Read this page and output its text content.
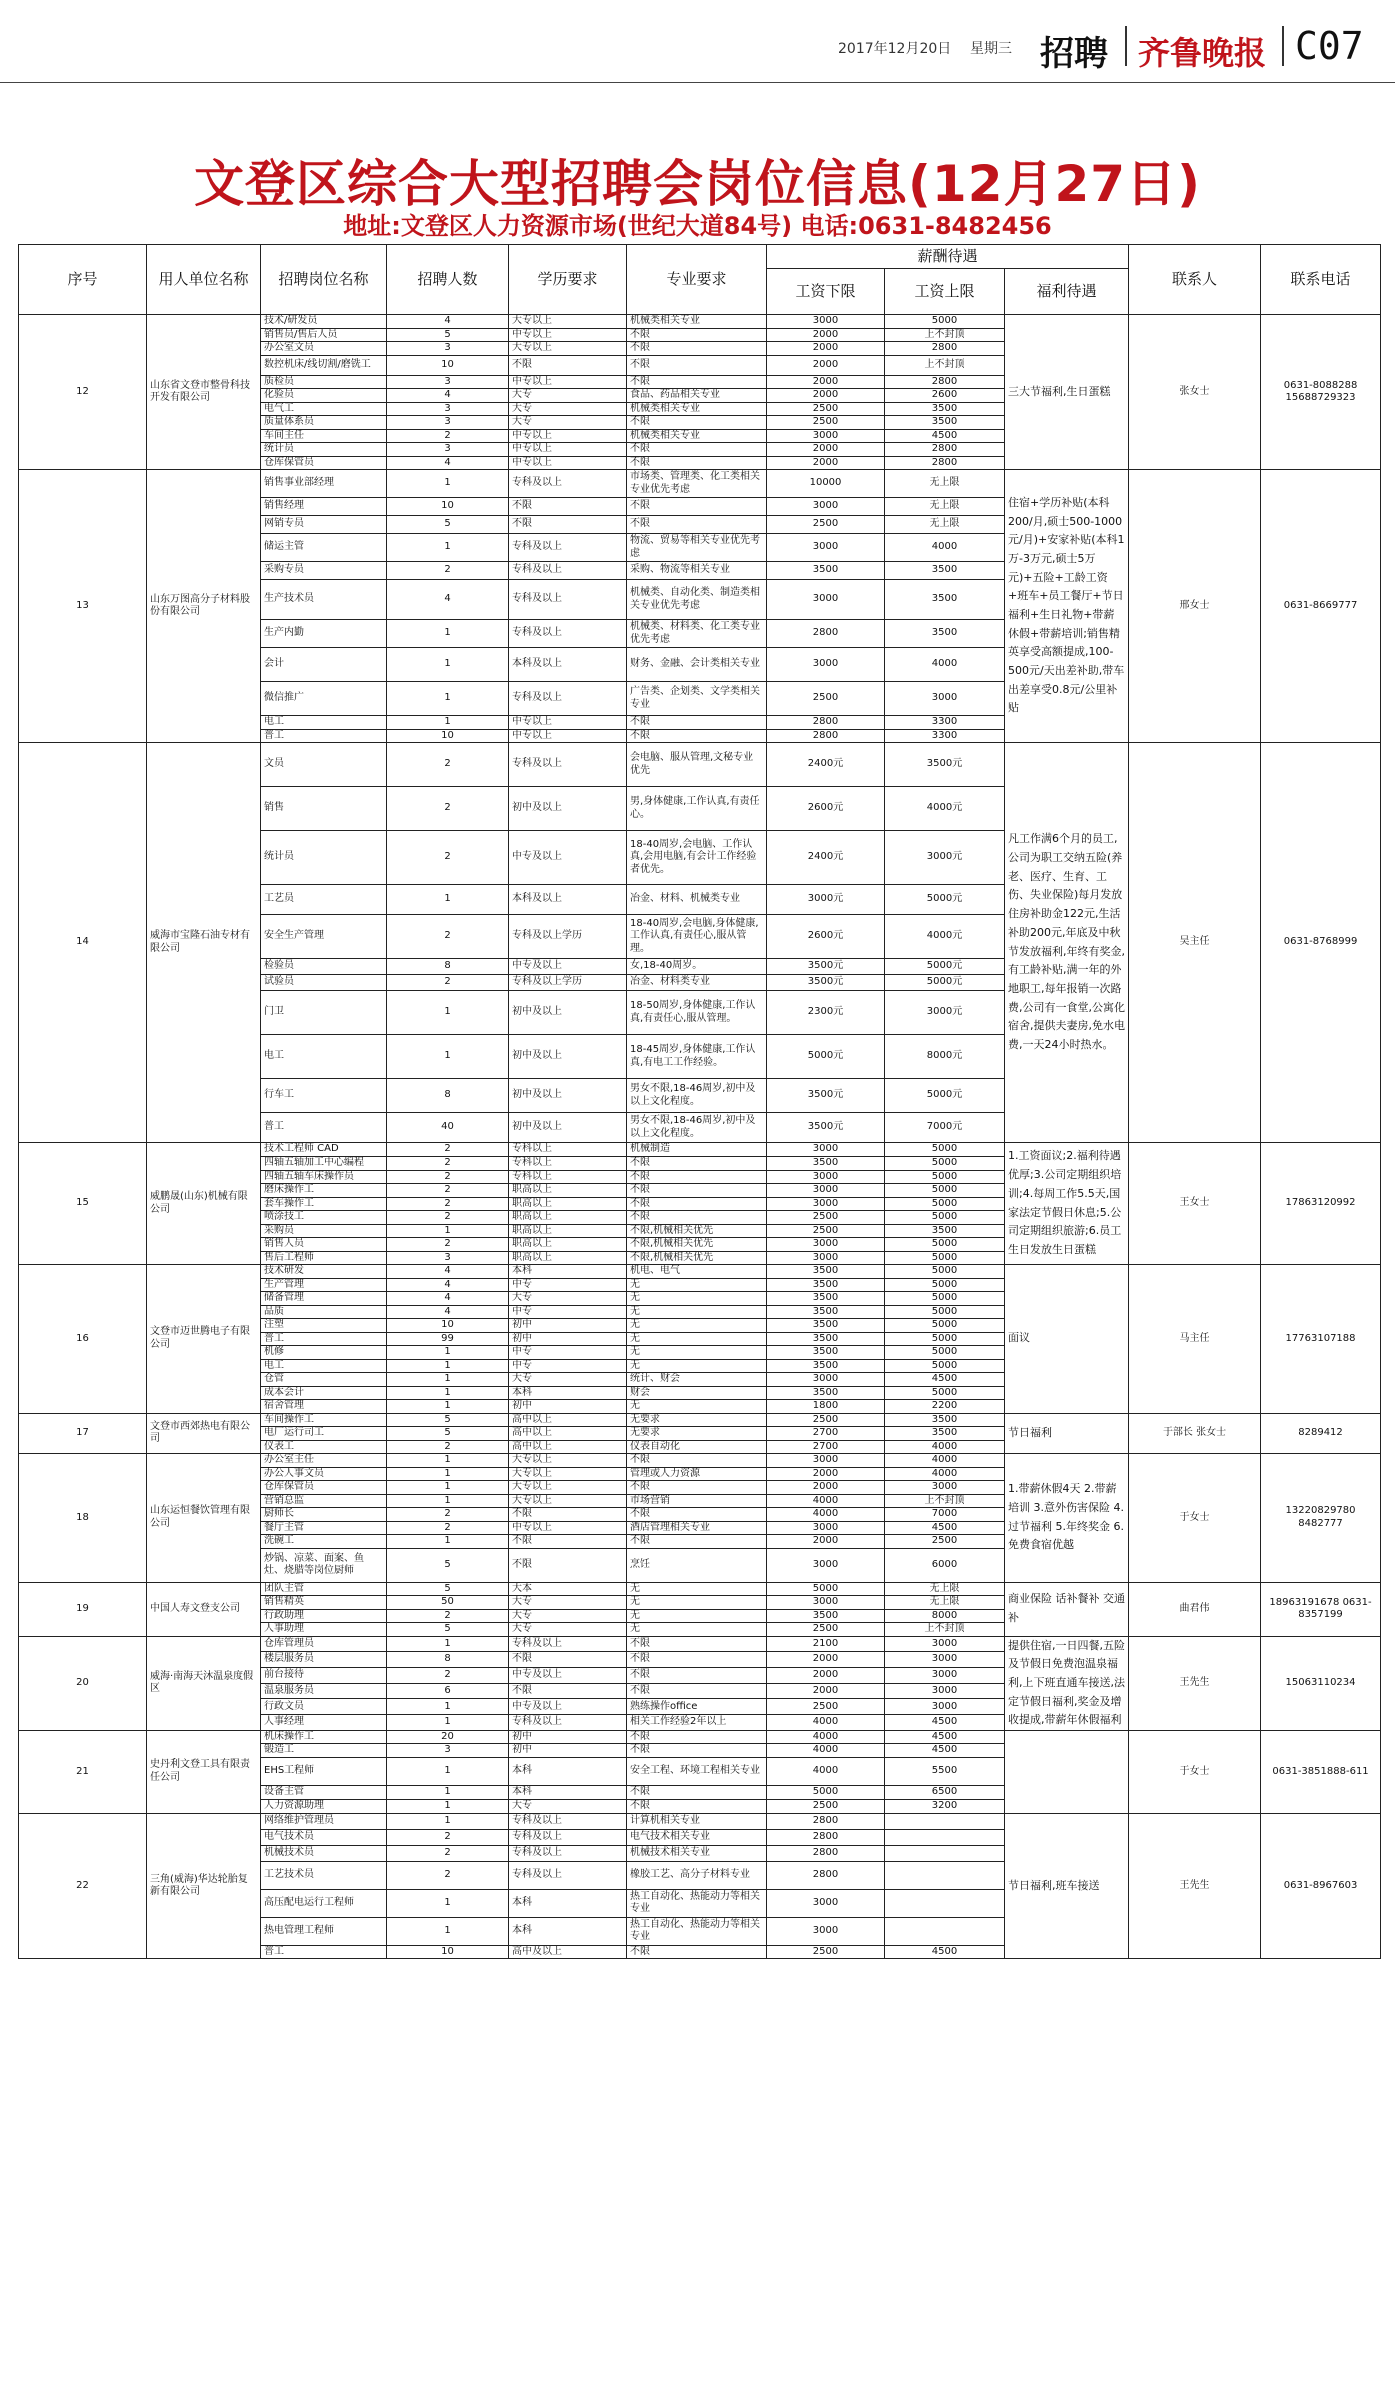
2017年12月20日 星期三 招聘 齐鲁晚报 C07
文登区综合大型招聘会岗位信息(12月27日)
地址:文登区人力资源市场(世纪大道84号) 电话:0631-8482456
序号	用人单位名称	招聘岗位名称	招聘人数	学历要求	专业要求	薪酬待遇			联系人	联系电话
						工资下限	工资上限	福利待遇		
12	山东省文登市整骨科技开发有限公司	技术/研发员	4	大专以上	机械类相关专业	3000	5000	三大节福利,生日蛋糕	张女士	0631-8088288 15688729323
		销售员/售后人员	5	中专以上	不限	2000	上不封顶			
		办公室文员	3	大专以上	不限	2000	2800			
		数控机床/线切割/磨铣工	10	不限	不限	2000	上不封顶			
		质检员	3	中专以上	不限	2000	2800			
		化验员	4	大专	食品、药品相关专业	2000	2600			
		电气工	3	大专	机械类相关专业	2500	3500			
		质量体系员	3	大专	不限	2500	3500			
		车间主任	2	中专以上	机械类相关专业	3000	4500			
		统计员	3	中专以上	不限	2000	2800			
		仓库保管员	4	中专以上	不限	2000	2800			
13	山东万图高分子材料股份有限公司	销售事业部经理	1	专科及以上	市场类、管理类、化工类相关专业优先考虑	10000	无上限	住宿+学历补贴(本科200/月,硕士500-1000元/月)+安家补贴(本科1万-3万元,硕士5万元)+五险+工龄工资+班车+员工餐厅+节日福利+生日礼物+带薪休假+带薪培训;销售精英享受高额提成,100-500元/天出差补助,带车出差享受0.8元/公里补贴	邢女士	0631-8669777
		销售经理	10	不限	不限	3000	无上限			
		网销专员	5	不限	不限	2500	无上限			
		储运主管	1	专科及以上	物流、贸易等相关专业优先考虑	3000	4000			
		采购专员	2	专科及以上	采购、物流等相关专业	3500	3500			
		生产技术员	4	专科及以上	机械类、自动化类、制造类相关专业优先考虑	3000	3500			
		生产内勤	1	专科及以上	机械类、材料类、化工类专业优先考虑	2800	3500			
		会计	1	本科及以上	财务、金融、会计类相关专业	3000	4000			
		微信推广	1	专科及以上	广告类、企划类、文学类相关专业	2500	3000			
		电工	1	中专以上	不限	2800	3300			
		普工	10	中专以上	不限	2800	3300			
14	威海市宝隆石油专材有限公司	文员	2	专科及以上	会电脑、服从管理,文秘专业优先	2400元	3500元	凡工作满6个月的员工,公司为职工交纳五险(养老、医疗、生育、工伤、失业保险)每月发放住房补助金122元,生活补助200元,年底及中秋节发放福利,年终有奖金,有工龄补贴,满一年的外地职工,每年报销一次路费,公司有一食堂,公寓化宿舍,提供夫妻房,免水电费,一天24小时热水。	吴主任	0631-8768999
		销售	2	初中及以上	男,身体健康,工作认真,有责任心。	2600元	4000元			
		统计员	2	中专及以上	18-40周岁,会电脑、工作认真,会用电脑,有会计工作经验者优先。	2400元	3000元			
		工艺员	1	本科及以上	冶金、材料、机械类专业	3000元	5000元			
		安全生产管理	2	专科及以上学历	18-40周岁,会电脑,身体健康,工作认真,有责任心,服从管理。	2600元	4000元			
		检验员	8	中专及以上	女,18-40周岁。	3500元	5000元			
		试验员	2	专科及以上学历	冶金、材料类专业	3500元	5000元			
		门卫	1	初中及以上	18-50周岁,身体健康,工作认真,有责任心,服从管理。	2300元	3000元			
		电工	1	初中及以上	18-45周岁,身体健康,工作认真,有电工工作经验。	5000元	8000元			
		行车工	8	初中及以上	男女不限,18-46周岁,初中及以上文化程度。	3500元	5000元			
		普工	40	初中及以上	男女不限,18-46周岁,初中及以上文化程度。	3500元	7000元			
15	威鹏晟(山东)机械有限公司	技术工程师 CAD	2	专科以上	机械制造	3000	5000	1.工资面议;2.福利待遇优厚;3.公司定期组织培训;4.每周工作5.5天,国家法定节假日休息;5.公司定期组织旅游;6.员工生日发放生日蛋糕	王女士	17863120992
		四轴五轴加工中心编程	2	专科以上	不限	3500	5000			
		四轴五轴车床操作员	2	专科以上	不限	3000	5000			
		磨床操作工	2	职高以上	不限	3000	5000			
		套车操作工	2	职高以上	不限	3000	5000			
		喷涂技工	2	职高以上	不限	2500	5000			
		采购员	1	职高以上	不限,机械相关优先	2500	3500			
		销售人员	2	职高以上	不限,机械相关优先	3000	5000			
		售后工程师	3	职高以上	不限,机械相关优先	3000	5000			
16	文登市迈世腾电子有限公司	技术研发	4	本科	机电、电气	3500	5000	面议	马主任	17763107188
		生产管理	4	中专	无	3500	5000			
		储备管理	4	大专	无	3500	5000			
		品质	4	中专	无	3500	5000			
		注塑	10	初中	无	3500	5000			
		普工	99	初中	无	3500	5000			
		机修	1	中专	无	3500	5000			
		电工	1	中专	无	3500	5000			
		仓管	1	大专	统计、财会	3000	4500			
		成本会计	1	本科	财会	3500	5000			
		宿舍管理	1	初中	无	1800	2200			
17	文登市西郊热电有限公司	车间操作工	5	高中以上	无要求	2500	3500	节日福利	于部长 张女士	8289412
		电厂运行司工	5	高中以上	无要求	2700	3500			
		仪表工	2	高中以上	仪表自动化	2700	4000			
18	山东运恒餐饮管理有限公司	办公室主任	1	大专以上	不限	3000	4000	1.带薪休假4天 2.带薪培训 3.意外伤害保险 4.过节福利 5.年终奖金 6.免费食宿优越	于女士	13220829780 8482777
		办公人事文员	1	大专以上	管理或人力资源	2000	4000			
		仓库保管员	1	大专以上	不限	2000	3000			
		营销总监	1	大专以上	市场营销	4000	上不封顶			
		厨师长	2	不限	不限	4000	7000			
		餐厅主管	2	中专以上	酒店管理相关专业	3000	4500			
		洗碗工	1	不限	不限	2000	2500			
		炒锅、凉菜、面案、鱼灶、烧腊等岗位厨师	5	不限	烹饪	3000	6000			
19	中国人寿文登支公司	团队主管	5	大本	无	5000	无上限	商业保险 话补餐补 交通补	曲君伟	18963191678 0631-8357199
		销售精英	50	大专	无	3000	无上限			
		行政助理	2	大专	无	3500	8000			
		人事助理	5	大专	无	2500	上不封顶			
20	威海·南海天沐温泉度假区	仓库管理员	1	专科及以上	不限	2100	3000	提供住宿,一日四餐,五险及节假日免费泡温泉福利,上下班直通车接送,法定节假日福利,奖金及增收提成,带薪年休假福利	王先生	15063110234
		楼层服务员	8	不限	不限	2000	3000			
		前台接待	2	中专及以上	不限	2000	3000			
		温泉服务员	6	不限	不限	2000	3000			
		行政文员	1	中专及以上	熟练操作office	2500	3000			
		人事经理	1	专科及以上	相关工作经验2年以上	4000	4500			
21	史丹利文登工具有限责任公司	机床操作工	20	初中	不限	4000	4500		于女士	0631-3851888-611
		锻造工	3	初中	不限	4000	4500			
		EHS工程师	1	本科	安全工程、环境工程相关专业	4000	5500			
		设备主管	1	本科	不限	5000	6500			
		人力资源助理	1	大专	不限	2500	3200			
22	三角(威海)华达轮胎复新有限公司	网络维护管理员	1	专科及以上	计算机相关专业	2800		节日福利,班车接送	王先生	0631-8967603
		电气技术员	2	专科及以上	电气技术相关专业	2800				
		机械技术员	2	专科及以上	机械技术相关专业	2800				
		工艺技术员	2	专科及以上	橡胶工艺、高分子材料专业	2800				
		高压配电运行工程师	1	本科	热工自动化、热能动力等相关专业	3000				
		热电管理工程师	1	本科	热工自动化、热能动力等相关专业	3000				
		普工	10	高中及以上	不限	2500	4500			
